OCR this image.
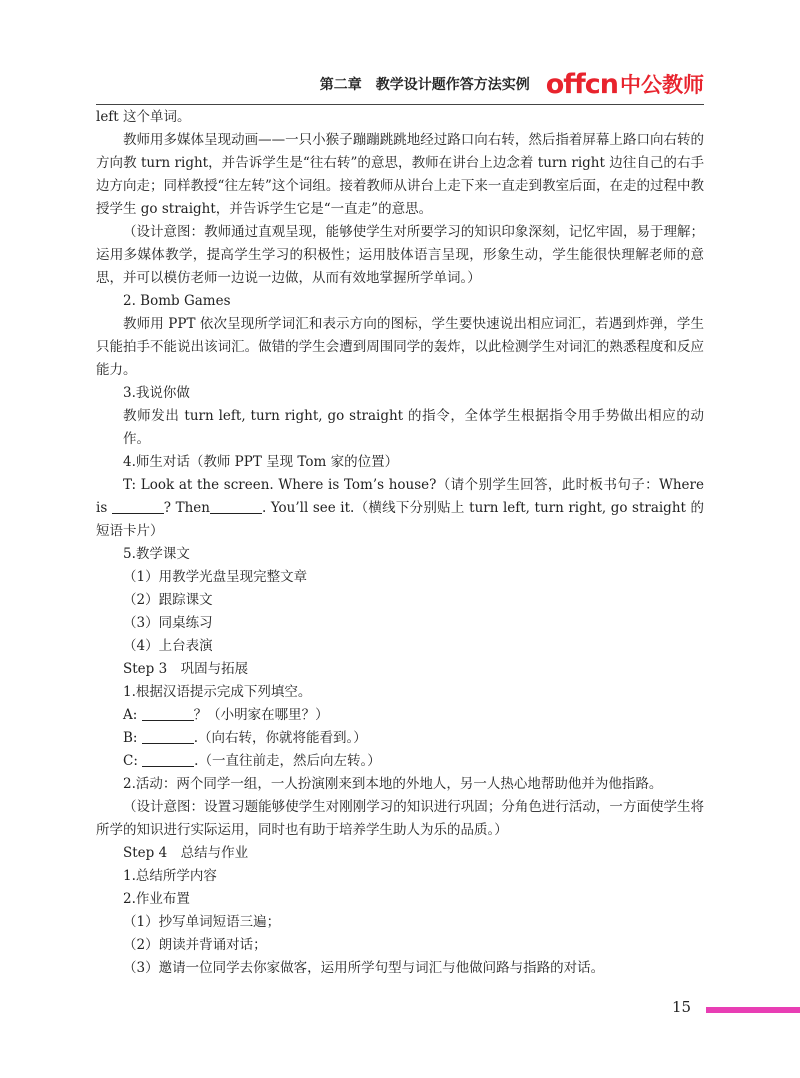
第二章　教学设计题作答方法实例 offcn 中公教师

left 这个单词。

教师用多媒体呈现动画——一只小猴子蹦蹦跳跳地经过路口向右转，然后指着屏幕上路口向右转的方向教 turn right，并告诉学生是“往右转”的意思，教师在讲台上边念着 turn right 边往自己的右手边方向走；同样教授“往左转”这个词组。接着教师从讲台上走下来一直走到教室后面，在走的过程中教授学生 go straight，并告诉学生它是“一直走”的意思。

（设计意图：教师通过直观呈现，能够使学生对所要学习的知识印象深刻，记忆牢固，易于理解；运用多媒体教学，提高学生学习的积极性；运用肢体语言呈现，形象生动，学生能很快理解老师的意思，并可以模仿老师一边说一边做，从而有效地掌握所学单词。）

2. Bomb Games

教师用 PPT 依次呈现所学词汇和表示方向的图标，学生要快速说出相应词汇，若遇到炸弹，学生只能拍手不能说出该词汇。做错的学生会遭到周围同学的轰炸，以此检测学生对词汇的熟悉程度和反应能力。

3.我说你做

教师发出 turn left, turn right, go straight 的指令，全体学生根据指令用手势做出相应的动作。

4.师生对话（教师 PPT 呈现 Tom 家的位置）

T: Look at the screen. Where is Tom’s house?（请个别学生回答，此时板书句子：Where is	? Then	. You’ll see it.（横线下分别贴上 turn left, turn right, go straight 的短语卡片）

5.教学课文

（1）用教学光盘呈现完整文章

（2）跟踪课文

（3）同桌练习

（4）上台表演

Step 3　巩固与拓展

1.根据汉语提示完成下列填空。

A:	？（小明家在哪里？）

B:	.（向右转，你就将能看到。）

C:	.（一直往前走，然后向左转。）

2.活动：两个同学一组，一人扮演刚来到本地的外地人，另一人热心地帮助他并为他指路。

（设计意图：设置习题能够使学生对刚刚学习的知识进行巩固；分角色进行活动，一方面使学生将所学的知识进行实际运用，同时也有助于培养学生助人为乐的品质。）

Step 4　总结与作业

1.总结所学内容

2.作业布置

（1）抄写单词短语三遍；

（2）朗读并背诵对话；

（3）邀请一位同学去你家做客，运用所学句型与词汇与他做问路与指路的对话。

15
